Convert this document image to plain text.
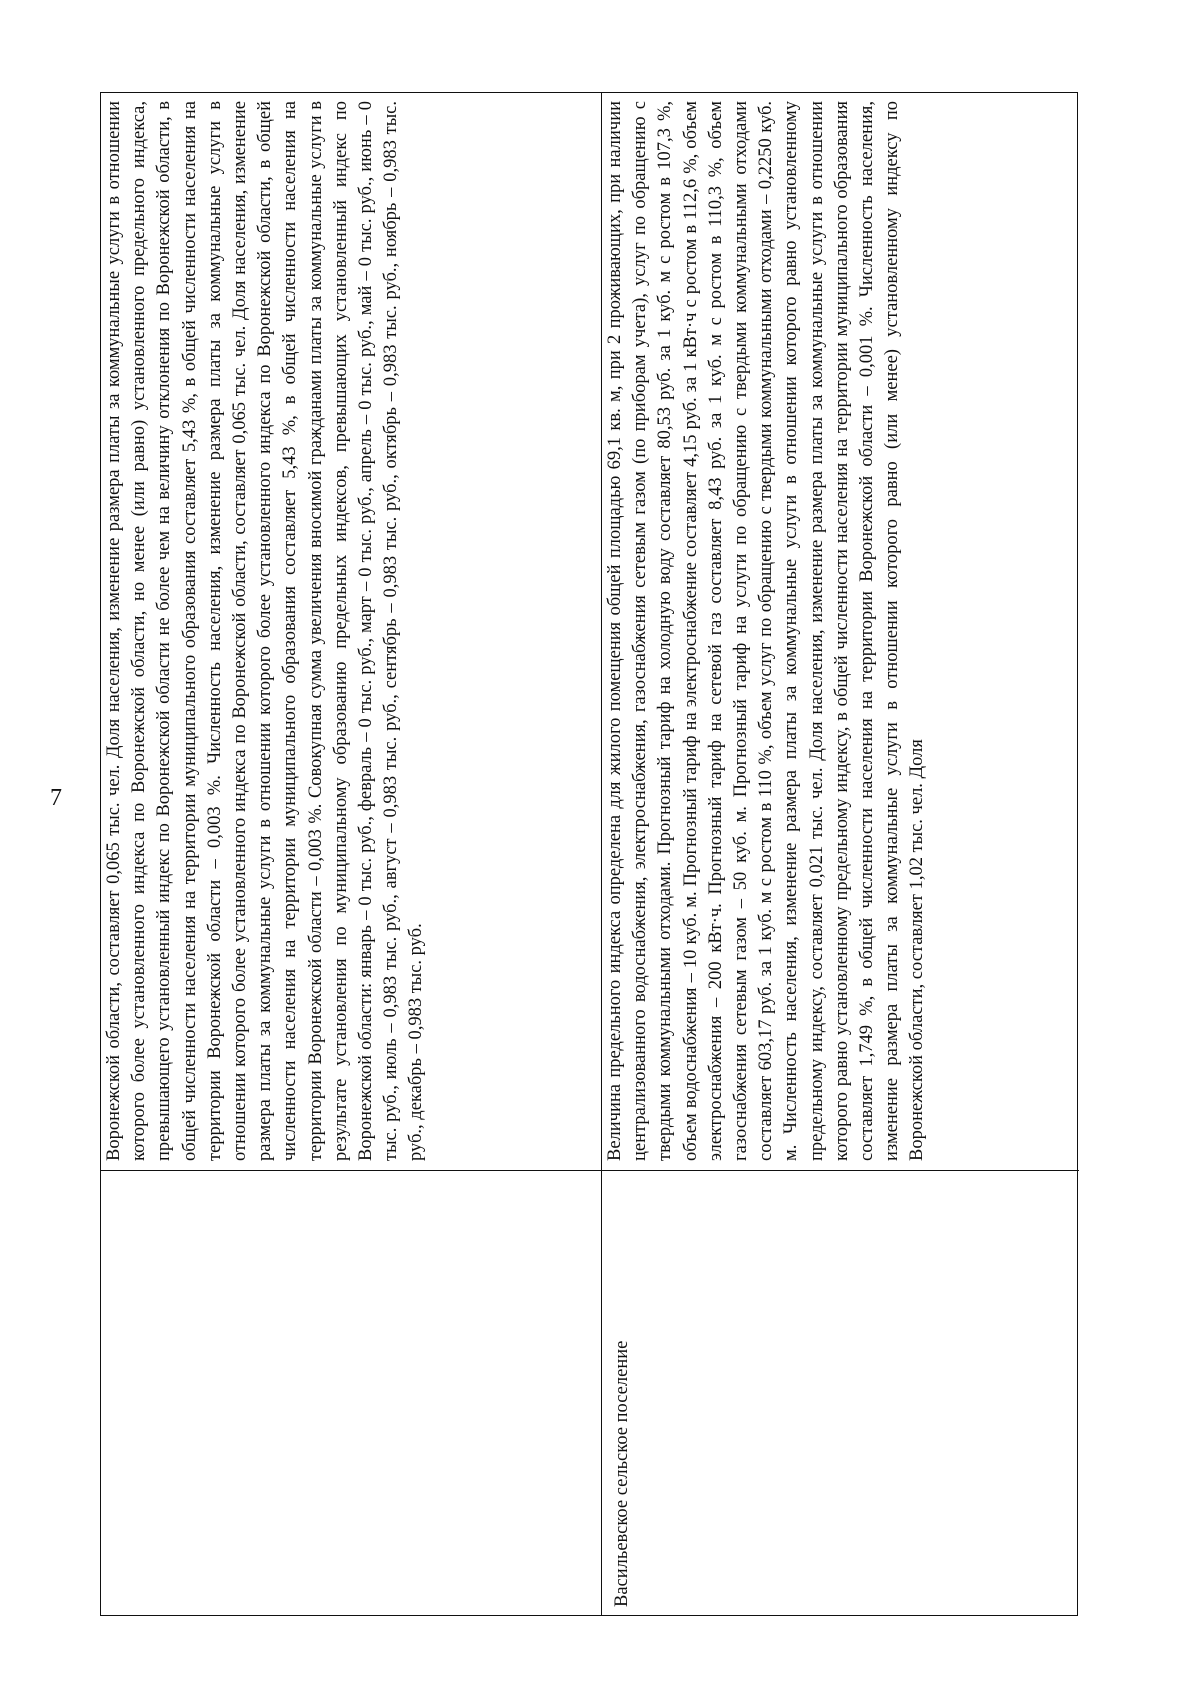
7 Воронежской области, составляет 0,065 тыс. чел. Доля населения, изменение размера платы за коммунальные услуги в отношении которого более установленного индекса по Воронежской области, но менее (или равно) установленного предельного индекса, превышающего установленный индекс по Воронежской области не более чем на величину отклонения по Воронежской области, в общей численности населения на территории муниципального образования составляет 5,43 %, в общей численности населения на территории Воронежской области – 0,003 %. Численность населения, изменение размера платы за коммунальные услуги в отношении которого более установленного индекса по Воронежской области, составляет 0,065 тыс. чел. Доля населения, изменение размера платы за коммунальные услуги в отношении которого более установленного индекса по Воронежской области, в общей численности населения на территории муниципального образования составляет 5,43 %, в общей численности населения на территории Воронежской области – 0,003 %. Совокупная сумма увеличения вносимой гражданами платы за коммунальные услуги в результате установления по муниципальному образованию предельных индексов, превышающих установленный индекс по Воронежской области: январь – 0 тыс. руб., февраль – 0 тыс. руб., март – 0 тыс. руб., апрель – 0 тыс. руб., май – 0 тыс. руб., июнь – 0 тыс. руб., июль – 0,983 тыс. руб., август – 0,983 тыс. руб., сентябрь – 0,983 тыс. руб., октябрь – 0,983 тыс. руб., ноябрь – 0,983 тыс. руб., декабрь – 0,983 тыс. руб.
Васильевское сельское поселение
Величина предельного индекса определена для жилого помещения общей площадью 69,1 кв. м, при 2 проживающих, при наличии централизованного водоснабжения, электроснабжения, газоснабжения сетевым газом (по приборам учета), услуг по обращению с твердыми коммунальными отходами. Прогнозный тариф на холодную воду составляет 80,53 руб. за 1 куб. м с ростом в 107,3 %, объем водоснабжения – 10 куб. м. Прогнозный тариф на электроснабжение составляет 4,15 руб. за 1 кВт·ч с ростом в 112,6 %, объем электроснабжения – 200 кВт·ч. Прогнозный тариф на сетевой газ составляет 8,43 руб. за 1 куб. м с ростом в 110,3 %, объем газоснабжения сетевым газом – 50 куб. м. Прогнозный тариф на услуги по обращению с твердыми коммунальными отходами составляет 603,17 руб. за 1 куб. м с ростом в 110 %, объем услуг по обращению с твердыми коммунальными отходами – 0,2250 куб. м. Численность населения, изменение размера платы за коммунальные услуги в отношении которого равно установленному предельному индексу, составляет 0,021 тыс. чел. Доля населения, изменение размера платы за коммунальные услуги в отношении которого равно установленному предельному индексу, в общей численности населения на территории муниципального образования составляет 1,749 %, в общей численности населения на территории Воронежской области – 0,001 %. Численность населения, изменение размера платы за коммунальные услуги в отношении которого равно (или менее) установленному индексу по Воронежской области, составляет 1,02 тыс. чел. Доля
